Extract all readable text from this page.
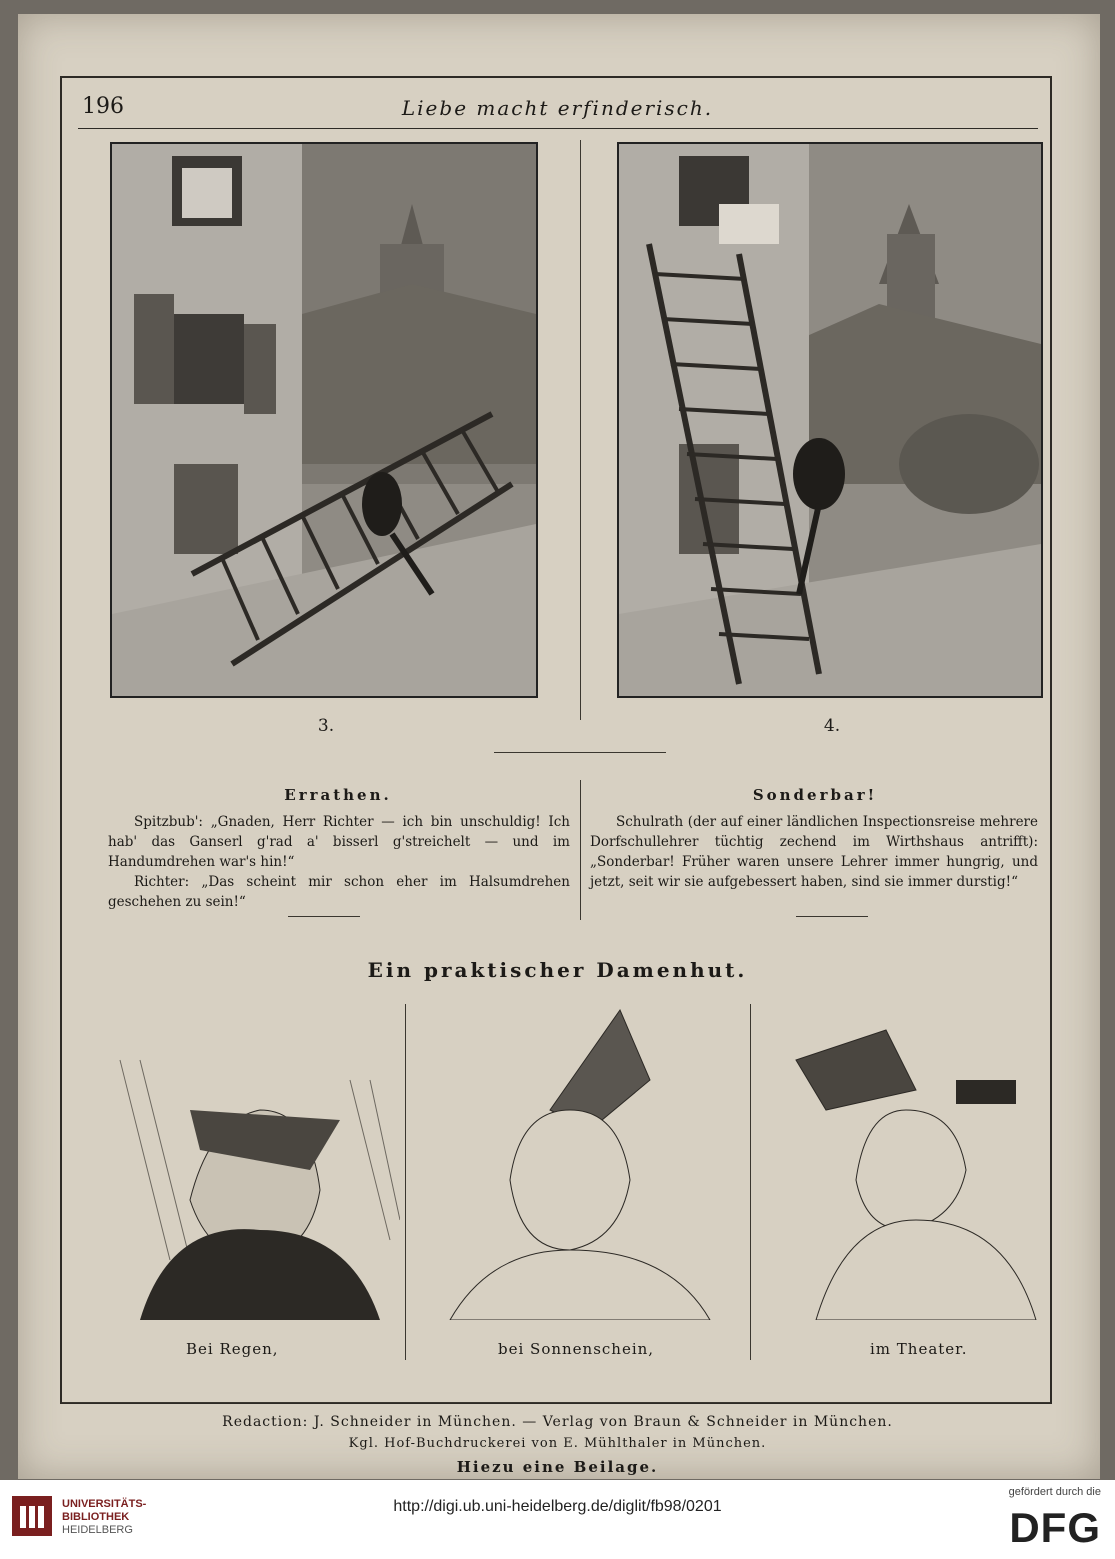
196	Liebe macht erfinderisch.
3.	4.
Errathen.

Spitzbub': „Gnaden, Herr Richter — ich bin unschuldig! Ich hab' das Ganserl g'rad a' bisserl g'streichelt — und im Handumdrehen war's hin!“

Richter: „Das scheint mir schon eher im Halsumdrehen geschehen zu sein!“

Sonderbar!

Schulrath (der auf einer ländlichen Inspectionsreise mehrere Dorfschullehrer tüchtig zechend im Wirthshaus antrifft): „Sonderbar! Früher waren unsere Lehrer immer hungrig, und jetzt, seit wir sie aufgebessert haben, sind sie immer durstig!“

Ein praktischer Damenhut.
Bei Regen,	bei Sonnenschein,	im Theater.
Redaction: J. Schneider in München. — Verlag von Braun & Schneider in München.
Kgl. Hof-Buchdruckerei von E. Mühlthaler in München.
Hiezu eine Beilage.
UNIVERSITÄTS-
BIBLIOTHEK
HEIDELBERG
http://digi.ub.uni-heidelberg.de/diglit/fb98/0201
gefördert durch die
DFG
